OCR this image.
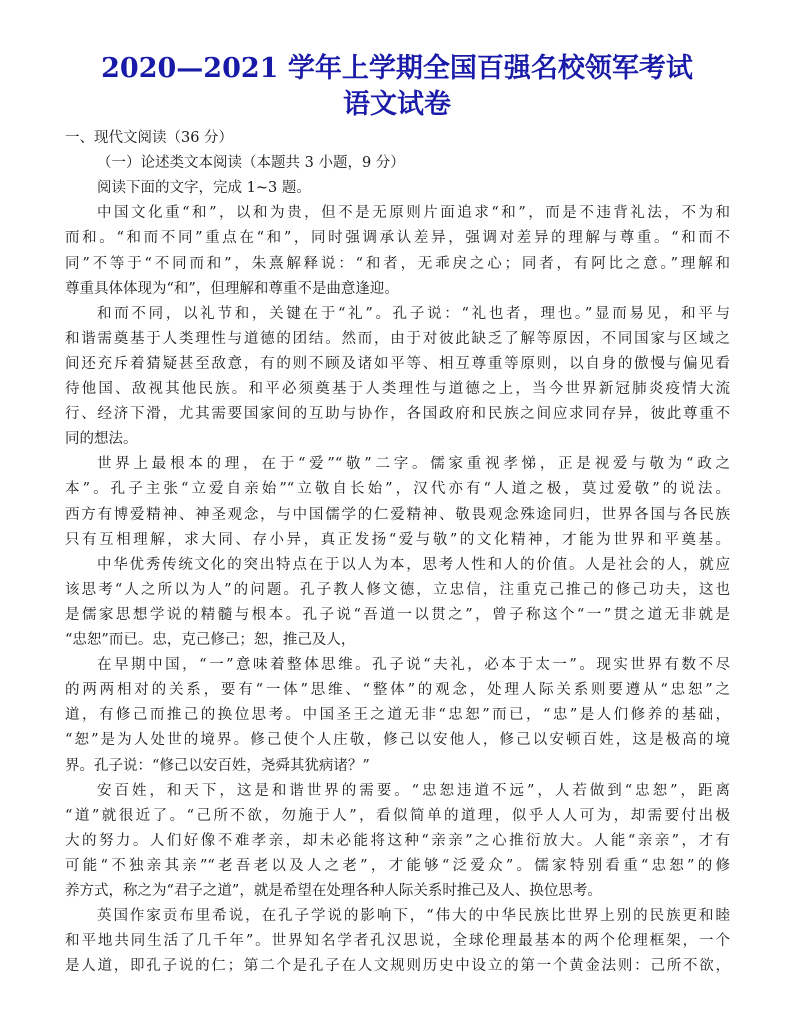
2020—2021 学年上学期全国百强名校领军考试
语文试卷
一、现代文阅读（36 分）
（一）论述类文本阅读（本题共 3 小题，9 分）
阅读下面的文字，完成 1~3 题。
中国文化重“和”，以和为贵，但不是无原则片面追求“和”，而是不违背礼法，不为和
而和。“和而不同”重点在“和”，同时强调承认差异，强调对差异的理解与尊重。“和而不
同”不等于“不同而和”，朱熹解释说：“和者，无乖戾之心；同者，有阿比之意。”理解和
尊重具体体现为“和”，但理解和尊重不是曲意逢迎。
和而不同，以礼节和，关键在于“礼”。孔子说：“礼也者，理也。”显而易见，和平与
和谐需奠基于人类理性与道德的团结。然而，由于对彼此缺乏了解等原因，不同国家与区域之
间还充斥着猜疑甚至敌意，有的则不顾及诸如平等、相互尊重等原则，以自身的傲慢与偏见看
待他国、敌视其他民族。和平必须奠基于人类理性与道德之上，当今世界新冠肺炎疫情大流
行、经济下滑，尤其需要国家间的互助与协作，各国政府和民族之间应求同存异，彼此尊重不
同的想法。
世界上最根本的理，在于“爱”“敬”二字。儒家重视孝悌，正是视爱与敬为“政之
本”。孔子主张“立爱自亲始”“立敬自长始”，汉代亦有“人道之极，莫过爱敬”的说法。
西方有博爱精神、神圣观念，与中国儒学的仁爱精神、敬畏观念殊途同归，世界各国与各民族
只有互相理解，求大同、存小异，真正发扬“爱与敬”的文化精神，才能为世界和平奠基。
中华优秀传统文化的突出特点在于以人为本，思考人性和人的价值。人是社会的人，就应
该思考“人之所以为人”的问题。孔子教人修文德，立忠信，注重克己推己的修己功夫，这也
是儒家思想学说的精髓与根本。孔子说“吾道一以贯之”，曾子称这个“一”贯之道无非就是
“忠恕”而已。忠，克己修己；恕，推己及人，
在早期中国，“一”意味着整体思维。孔子说“夫礼，必本于太一”。现实世界有数不尽
的两两相对的关系，要有“一体”思维、“整体”的观念，处理人际关系则要遵从“忠恕”之
道，有修己而推己的换位思考。中国圣王之道无非“忠恕”而已，“忠”是人们修养的基础，
“恕”是为人处世的境界。修己使个人庄敬，修己以安他人，修己以安顿百姓，这是极高的境
界。孔子说：“修己以安百姓，尧舜其犹病诸？”
安百姓，和天下，这是和谐世界的需要。“忠恕违道不远”，人若做到“忠恕”，距离
“道”就很近了。“己所不欲，勿施于人”，看似简单的道理，似乎人人可为，却需要付出极
大的努力。人们好像不难孝亲，却未必能将这种“亲亲”之心推衍放大。人能“亲亲”，才有
可能“不独亲其亲”“老吾老以及人之老”，才能够“泛爱众”。儒家特别看重“忠恕”的修
养方式，称之为“君子之道”，就是希望在处理各种人际关系时推己及人、换位思考。
英国作家贡布里希说，在孔子学说的影响下，“伟大的中华民族比世界上别的民族更和睦
和平地共同生活了几千年”。世界知名学者孔汉思说，全球伦理最基本的两个伦理框架，一个
是人道，即孔子说的仁；第二个是孔子在人文规则历史中设立的第一个黄金法则：己所不欲，
